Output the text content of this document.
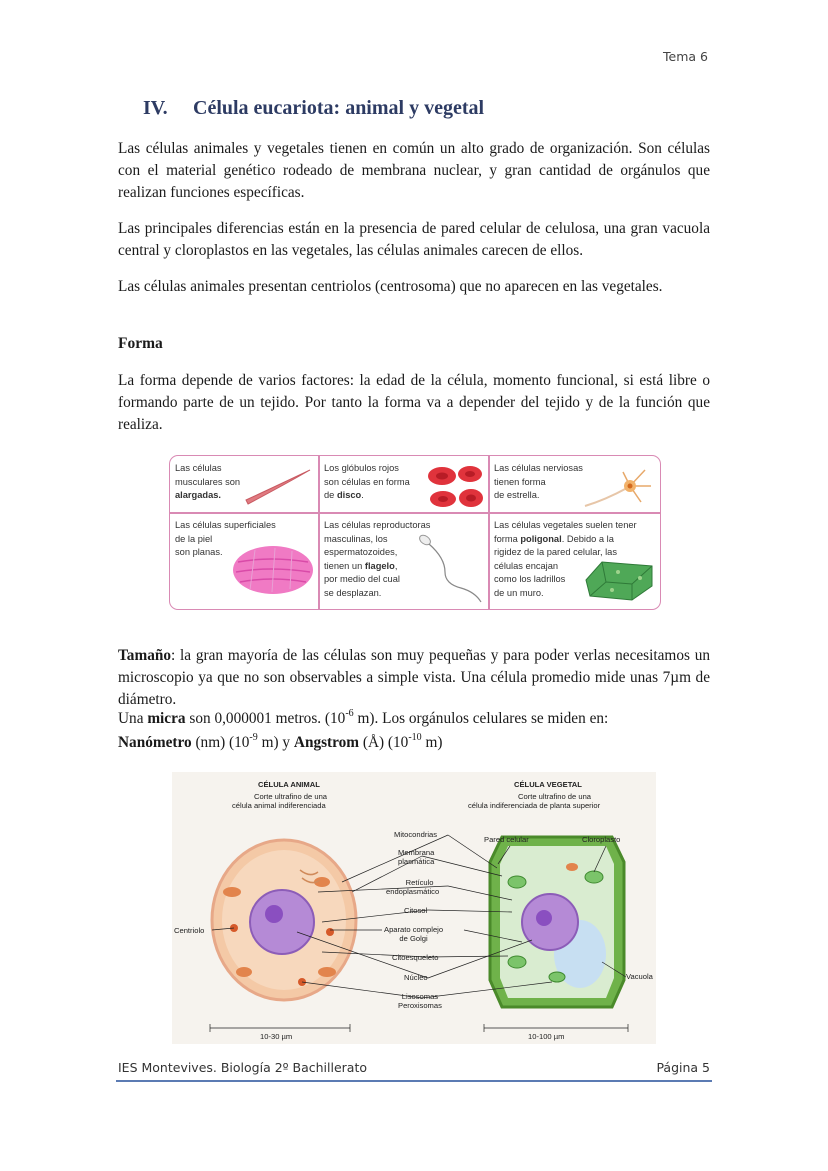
Tema 6
IV. Célula eucariota: animal y vegetal
Las células animales y vegetales tienen en común un alto grado de organización. Son células con el material genético rodeado de membrana nuclear, y gran cantidad de orgánulos que realizan funciones específicas.
Las principales diferencias están en la presencia de pared celular de celulosa, una gran vacuola central y cloroplastos en las vegetales, las células animales carecen de ellos.
Las células animales presentan centriolos (centrosoma) que no aparecen en las vegetales.
Forma
La forma depende de varios factores: la edad de la célula, momento funcional, si está libre o formando parte de un tejido. Por tanto la forma va a depender del tejido y de la función que realiza.
Las células
musculares son
alargadas.
Los glóbulos rojos
son células en forma
de disco.
Las células nerviosas
tienen forma
de estrella.
Las células superficiales
de la piel
son planas.
Las células reproductoras
masculinas, los
espermatozoides,
tienen un flagelo,
por medio del cual
se desplazan.
Las células vegetales suelen tener
forma poligonal. Debido a la
rigidez de la pared celular, las
células encajan
como los ladrillos
de un muro.
Tamaño: la gran mayoría de las células son muy pequeñas y para poder verlas necesitamos un microscopio ya que no son observables a simple vista. Una célula promedio mide unas 7µm de diámetro.
Una micra son 0,000001 metros. ($10^{-6}$ m). Los orgánulos celulares se miden en:
Nanómetro (nm) ($10^{-9}$ m) y Angstrom (Å) ($10^{-10}$ m)
CÉLULA ANIMAL
Corte ultrafino de una
célula animal indiferenciada
CÉLULA VEGETAL
Corte ultrafino de una
célula indiferenciada de planta superior
Mitocondrias
Membrana
plasmática
Retículo
endoplasmático
Citosol
Aparato complejo
de Golgi
Citoesqueleto
Núcleo
Lisosomas
Peroxisomas
Centriolo
Pared celular	Cloroplasto
Vacuola
10-30 µm	10-100 µm
IES Montevives. Biología 2º Bachillerato	Página 5
